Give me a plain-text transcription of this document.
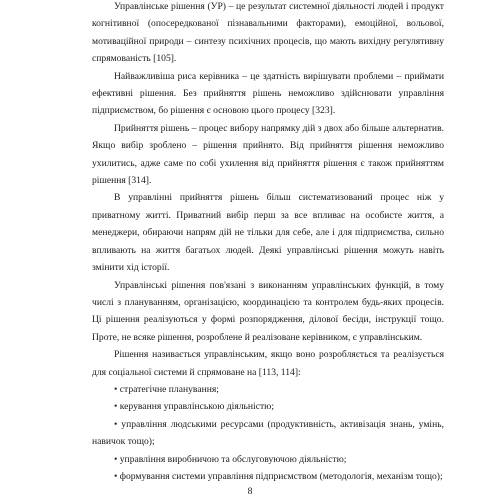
Управлінське рішення (УР) – це результат системної діяльності людей і продукт когнітивної (опосередкованої пізнавальними факторами), емоційної, вольової, мотиваційної природи – синтезу психічних процесів, що мають вихідну регулятивну спрямованість [105].

Найважливіша риса керівника – це здатність вирішувати проблеми – приймати ефективні рішення. Без прийняття рішень неможливо здійснювати управління підприємством, бо рішення є основою цього процесу [323].

Прийняття рішень – процес вибору напрямку дій з двох або більше альтернатив. Якщо вибір зроблено – рішення прийнято. Від прийняття рішення неможливо ухилитись, адже саме по собі ухилення від прийняття рішення є також прийняттям рішення [314].

В управлінні прийняття рішень більш систематизований процес ніж у приватному житті. Приватний вибір перш за все впливає на особисте життя, а менеджери, обираючи напрям дій не тільки для себе, але і для підприємства, сильно впливають на життя багатьох людей. Деякі управлінські рішення можуть навіть змінити хід історії.

Управлінські рішення пов'язані з виконанням управлінських функцій, в тому числі з плануванням, організацією, координацією та контролем будь-яких процесів. Ці рішення реалізуються у формі розпорядження, ділової бесіди, інструкції тощо. Проте, не всяке рішення, розроблене й реалізоване керівником, є управлінським.

Рішення називається управлінським, якщо воно розробляється та реалізується для соціальної системи й спрямоване на [113, 114]:

• стратегічне планування;

• керування управлінською діяльністю;

• управління людськими ресурсами (продуктивність, активізація знань, умінь, навичок тощо);

• управління виробничою та обслуговуючою діяльністю;

• формування системи управління підприємством (методологія, механізм тощо);

8
